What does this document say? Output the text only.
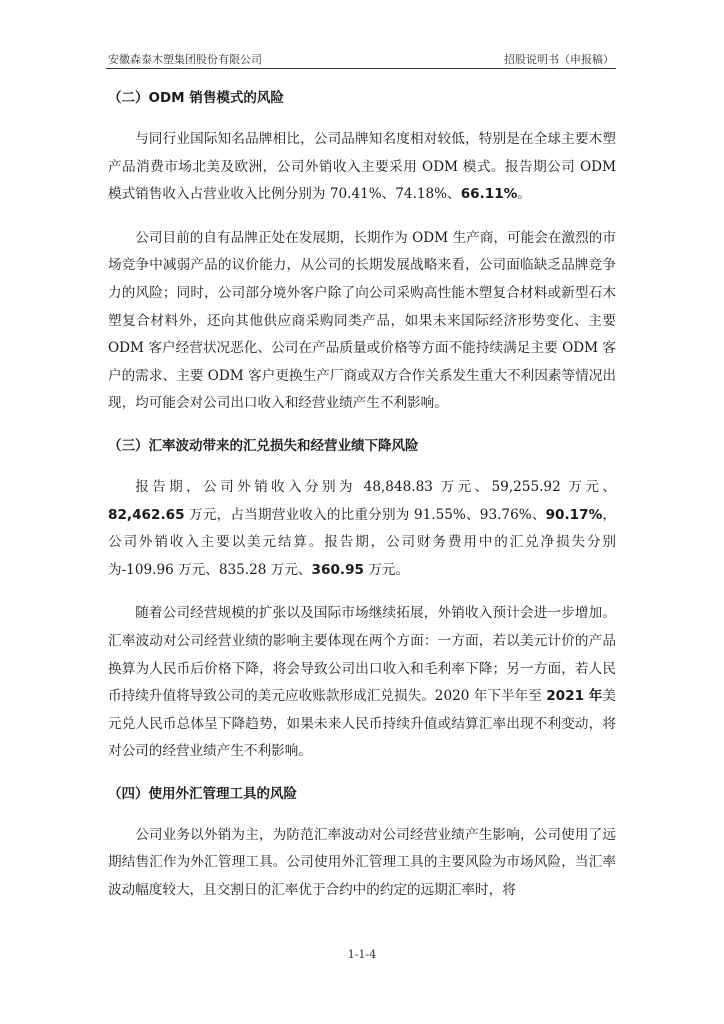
安徽森泰木塑集团股份有限公司	招股说明书（申报稿）
（二）ODM 销售模式的风险

与同行业国际知名品牌相比，公司品牌知名度相对较低，特别是在全球主要木塑产品消费市场北美及欧洲，公司外销收入主要采用 ODM 模式。报告期公司 ODM 模式销售收入占营业收入比例分别为 70.41%、74.18%、66.11%。

公司目前的自有品牌正处在发展期，长期作为 ODM 生产商，可能会在激烈的市场竞争中减弱产品的议价能力，从公司的长期发展战略来看，公司面临缺乏品牌竞争力的风险；同时，公司部分境外客户除了向公司采购高性能木塑复合材料或新型石木塑复合材料外，还向其他供应商采购同类产品，如果未来国际经济形势变化、主要 ODM 客户经营状况恶化、公司在产品质量或价格等方面不能持续满足主要 ODM 客户的需求、主要 ODM 客户更换生产厂商或双方合作关系发生重大不利因素等情况出现，均可能会对公司出口收入和经营业绩产生不利影响。

（三）汇率波动带来的汇兑损失和经营业绩下降风险

报告期，公司外销收入分别为 48,848.83 万元、59,255.92 万元、82,462.65 万元，占当期营业收入的比重分别为 91.55%、93.76%、90.17%，公司外销收入主要以美元结算。报告期，公司财务费用中的汇兑净损失分别为-109.96 万元、835.28 万元、360.95 万元。

随着公司经营规模的扩张以及国际市场继续拓展，外销收入预计会进一步增加。汇率波动对公司经营业绩的影响主要体现在两个方面：一方面，若以美元计价的产品换算为人民币后价格下降，将会导致公司出口收入和毛利率下降；另一方面，若人民币持续升值将导致公司的美元应收账款形成汇兑损失。2020 年下半年至 2021 年美元兑人民币总体呈下降趋势，如果未来人民币持续升值或结算汇率出现不利变动，将对公司的经营业绩产生不利影响。

（四）使用外汇管理工具的风险

公司业务以外销为主，为防范汇率波动对公司经营业绩产生影响，公司使用了远期结售汇作为外汇管理工具。公司使用外汇管理工具的主要风险为市场风险，当汇率波动幅度较大，且交割日的汇率优于合约中的约定的远期汇率时，将

1-1-4
